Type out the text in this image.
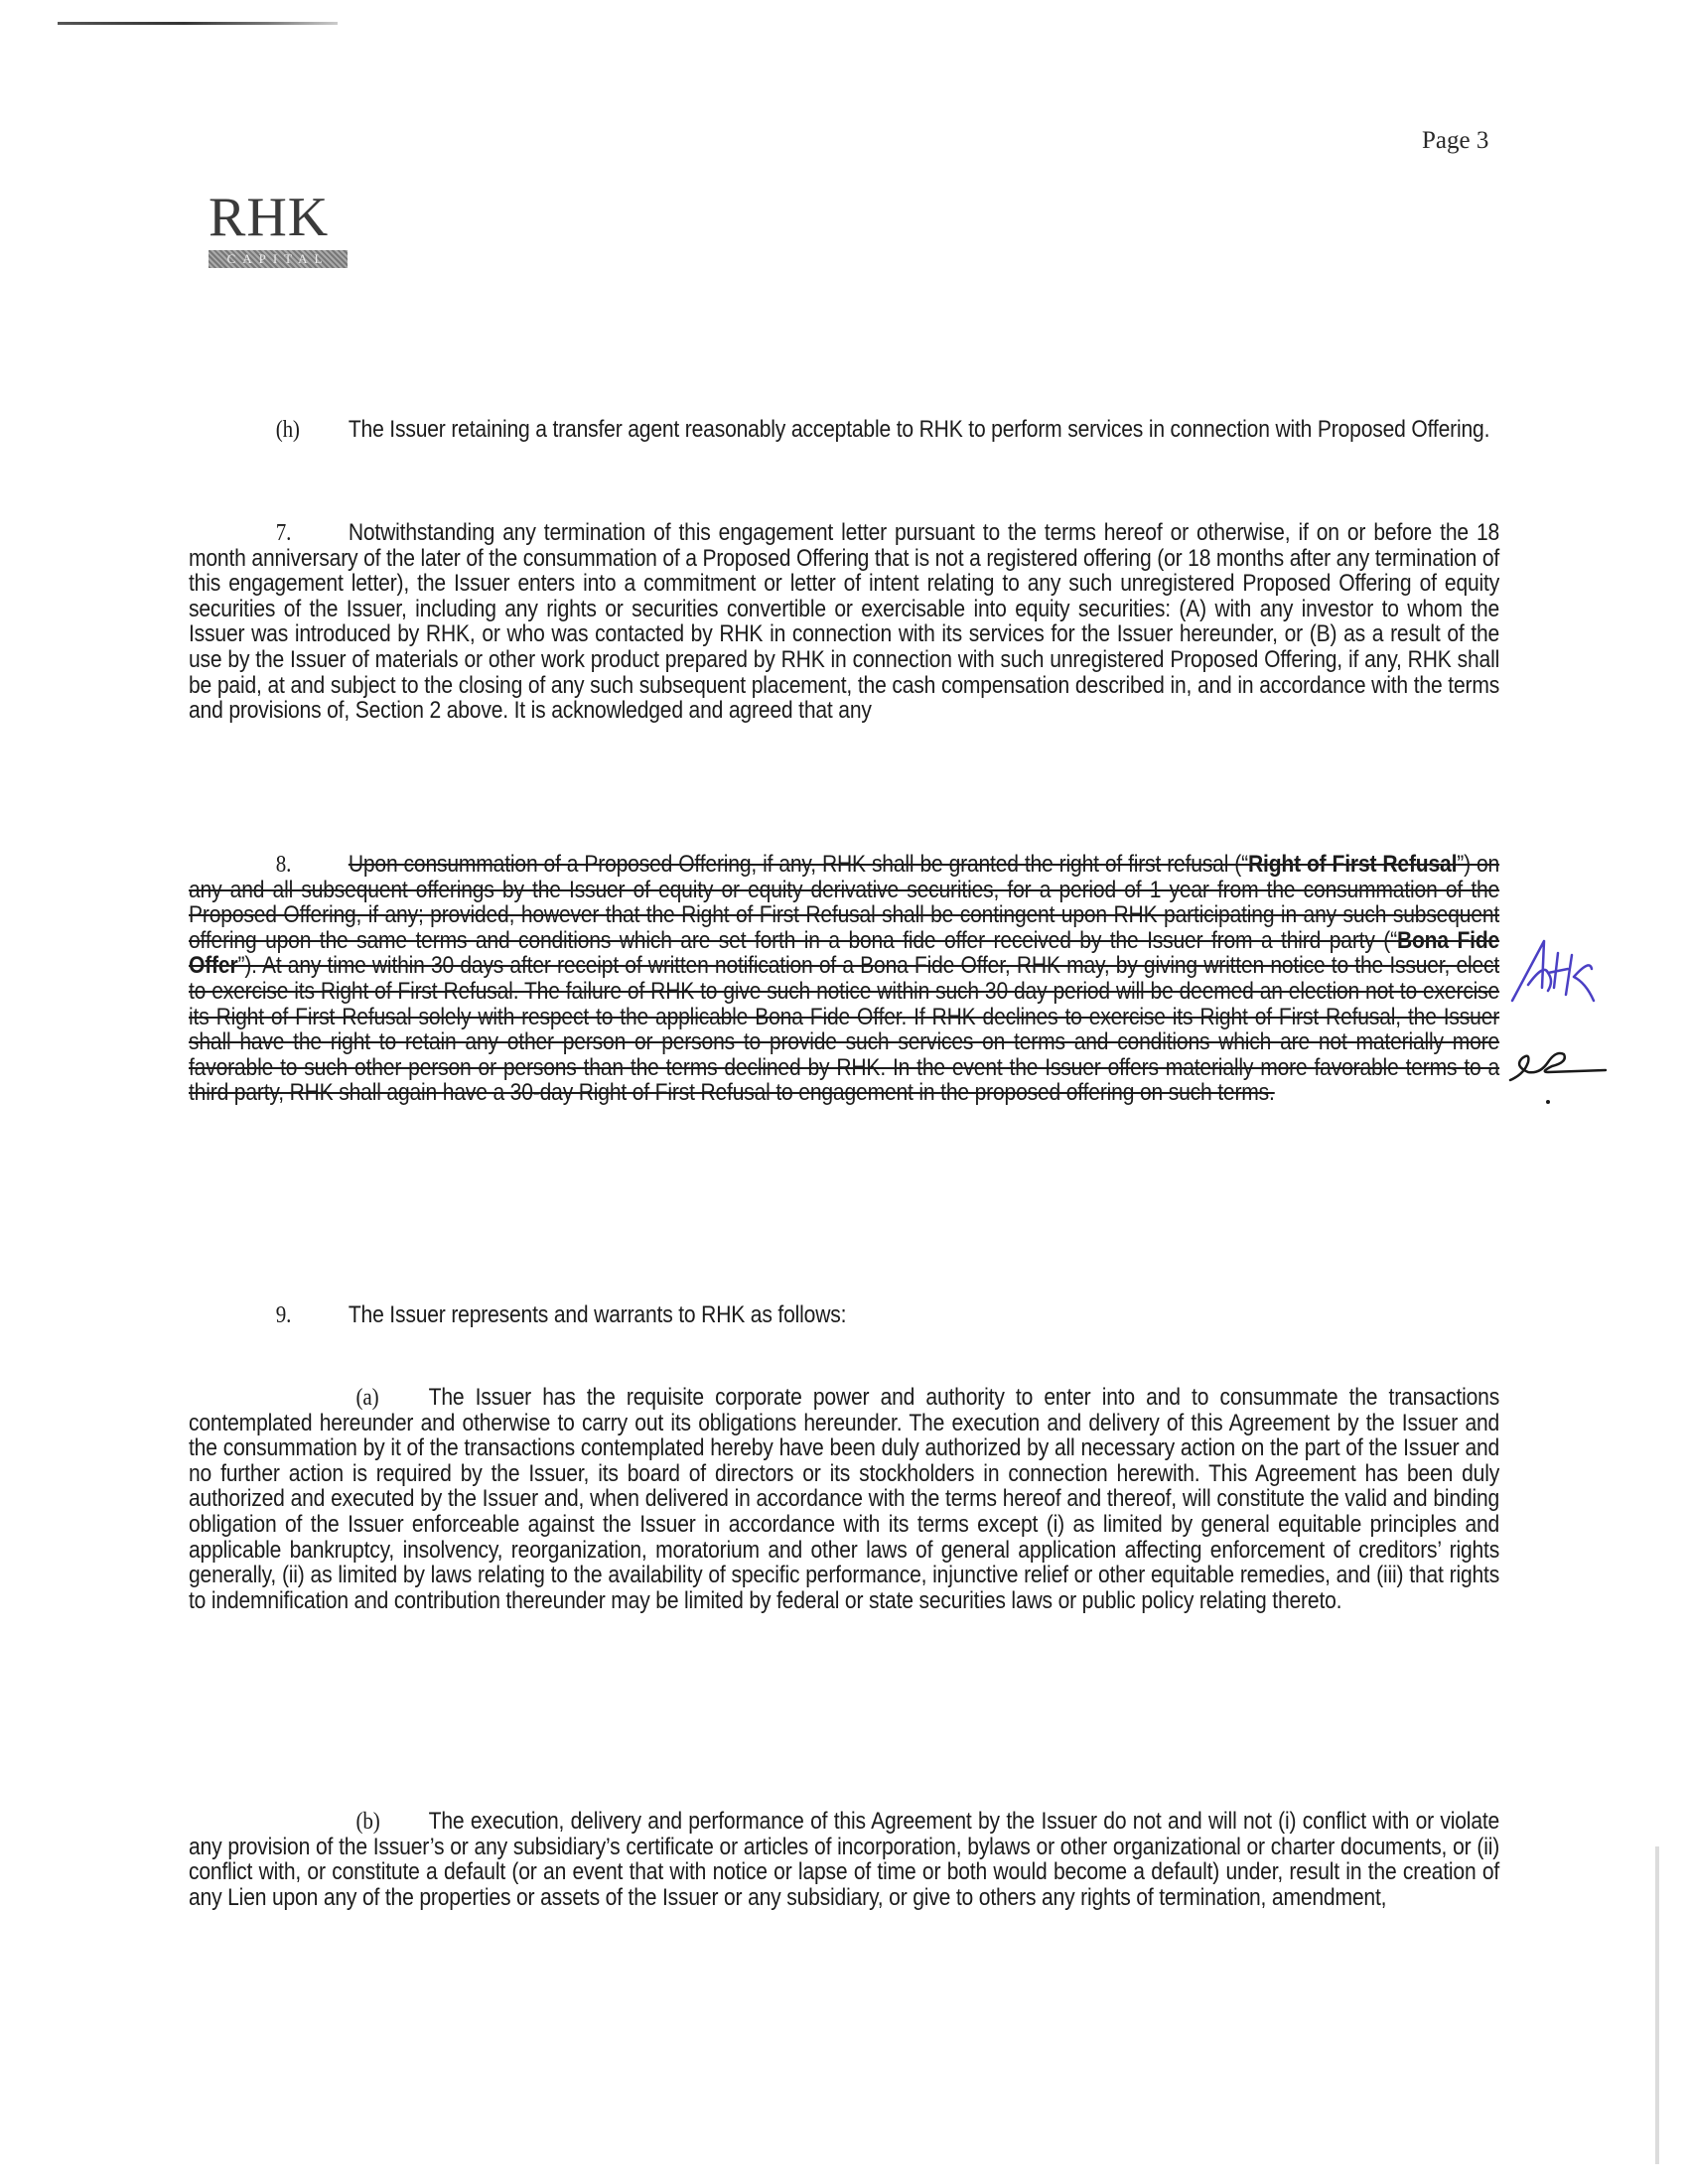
Page 3
RHK
CAPITAL

(h) The Issuer retaining a transfer agent reasonably acceptable to RHK to perform services in connection with Proposed Offering.

7. Notwithstanding any termination of this engagement letter pursuant to the terms hereof or otherwise, if on or before the 18 month anniversary of the later of the consummation of a Proposed Offering that is not a registered offering (or 18 months after any termination of this engagement letter), the Issuer enters into a commitment or letter of intent relating to any such unregistered Proposed Offering of equity securities of the Issuer, including any rights or securities convertible or exercisable into equity securities: (A) with any investor to whom the Issuer was introduced by RHK, or who was contacted by RHK in connection with its services for the Issuer hereunder, or (B) as a result of the use by the Issuer of materials or other work product prepared by RHK in connection with such unregistered Proposed Offering, if any, RHK shall be paid, at and subject to the closing of any such subsequent placement, the cash compensation described in, and in accordance with the terms and provisions of, Section 2 above. It is acknowledged and agreed that any

8. Upon consummation of a Proposed Offering, if any, RHK shall be granted the right of first refusal (“Right of First Refusal”) on any and all subsequent offerings by the Issuer of equity or equity derivative securities, for a period of 1 year from the consummation of the Proposed Offering, if any; provided, however that the Right of First Refusal shall be contingent upon RHK participating in any such subsequent offering upon the same terms and conditions which are set forth in a bona fide offer received by the Issuer from a third party (“Bona Fide Offer”). At any time within 30 days after receipt of written notification of a Bona Fide Offer, RHK may, by giving written notice to the Issuer, elect to exercise its Right of First Refusal. The failure of RHK to give such notice within such 30 day period will be deemed an election not to exercise its Right of First Refusal solely with respect to the applicable Bona Fide Offer. If RHK declines to exercise its Right of First Refusal, the Issuer shall have the right to retain any other person or persons to provide such services on terms and conditions which are not materially more favorable to such other person or persons than the terms declined by RHK. In the event the Issuer offers materially more favorable terms to a third party, RHK shall again have a 30-day Right of First Refusal to engagement in the proposed offering on such terms.

9. The Issuer represents and warrants to RHK as follows:

(a) The Issuer has the requisite corporate power and authority to enter into and to consummate the transactions contemplated hereunder and otherwise to carry out its obligations hereunder. The execution and delivery of this Agreement by the Issuer and the consummation by it of the transactions contemplated hereby have been duly authorized by all necessary action on the part of the Issuer and no further action is required by the Issuer, its board of directors or its stockholders in connection herewith. This Agreement has been duly authorized and executed by the Issuer and, when delivered in accordance with the terms hereof and thereof, will constitute the valid and binding obligation of the Issuer enforceable against the Issuer in accordance with its terms except (i) as limited by general equitable principles and applicable bankruptcy, insolvency, reorganization, moratorium and other laws of general application affecting enforcement of creditors’ rights generally, (ii) as limited by laws relating to the availability of specific performance, injunctive relief or other equitable remedies, and (iii) that rights to indemnification and contribution thereunder may be limited by federal or state securities laws or public policy relating thereto.

(b) The execution, delivery and performance of this Agreement by the Issuer do not and will not (i) conflict with or violate any provision of the Issuer’s or any subsidiary’s certificate or articles of incorporation, bylaws or other organizational or charter documents, or (ii) conflict with, or constitute a default (or an event that with notice or lapse of time or both would become a default) under, result in the creation of any Lien upon any of the properties or assets of the Issuer or any subsidiary, or give to others any rights of termination, amendment,
